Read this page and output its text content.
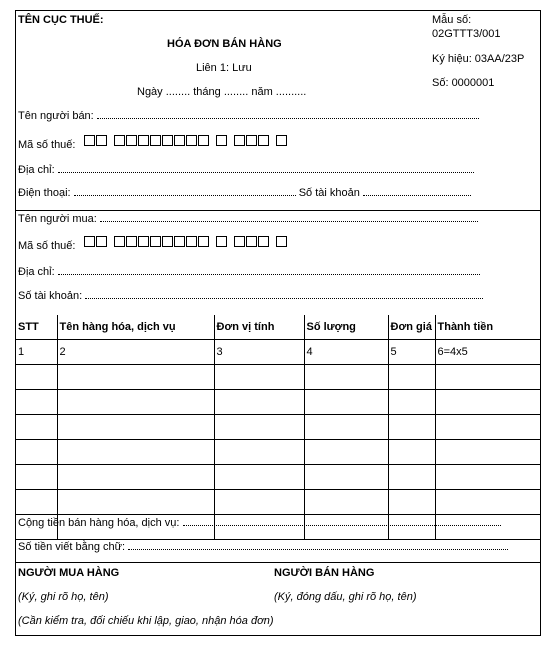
TÊN CỤC THUẾ:
HÓA ĐƠN BÁN HÀNG
Liên 1: Lưu
Ngày ........ tháng ........ năm ..........
Mẫu số:
02GTTT3/001
Ký hiệu: 03AA/23P
Số: 0000001
Tên người bán:
Mã số thuế:
Địa chỉ:
Điện thoại:	Số tài khoản
Tên người mua:
Mã số thuế:
Địa chỉ:
Số tài khoản:
STT	Tên hàng hóa, dịch vụ	Đơn vị tính	Số lượng	Đơn giá	Thành tiền
1	2	3	4	5	6=4x5

Cộng tiền bán hàng hóa, dịch vụ:
Số tiền viết bằng chữ:
NGƯỜI MUA HÀNG
(Ký, ghi rõ họ, tên)
NGƯỜI BÁN HÀNG
(Ký, đóng dấu, ghi rõ họ, tên)
(Cần kiểm tra, đối chiếu khi lập, giao, nhận hóa đơn)
